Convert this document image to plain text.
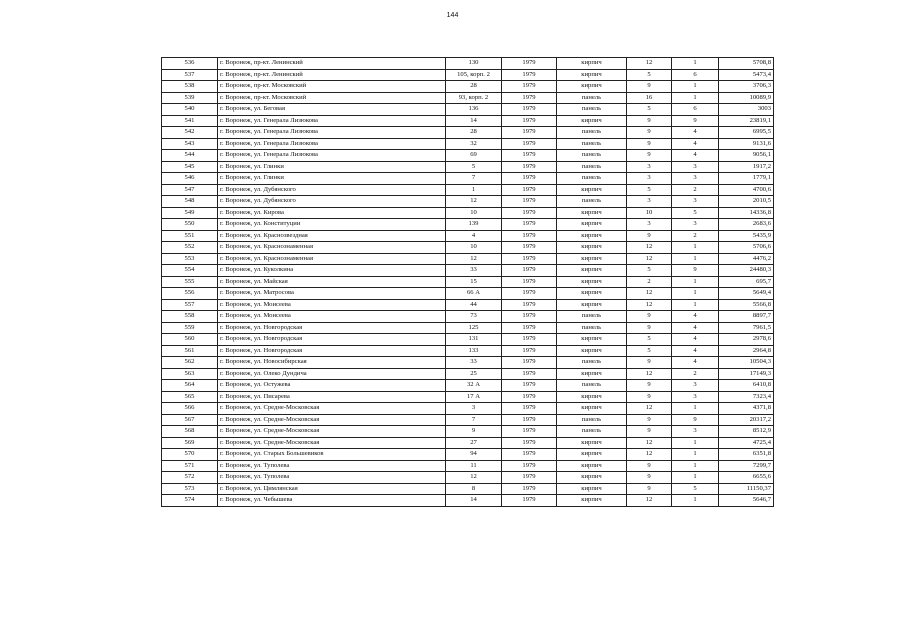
144
536	г. Воронеж, пр-кт. Ленинский	130	1979	кирпич	12	1	5708,8
537	г. Воронеж, пр-кт. Ленинский	105, корп. 2	1979	кирпич	5	6	5473,4
538	г. Воронеж, пр-кт. Московский	28	1979	кирпич	9	1	3706,3
539	г. Воронеж, пр-кт. Московский	93, корп. 2	1979	панель	16	1	10089,9
540	г. Воронеж, ул. Беговая	136	1979	панель	5	6	3003
541	г. Воронеж, ул. Генерала Лизюкова	14	1979	кирпич	9	9	23819,1
542	г. Воронеж, ул. Генерала Лизюкова	28	1979	панель	9	4	6995,5
543	г. Воронеж, ул. Генерала Лизюкова	32	1979	панель	9	4	9131,6
544	г. Воронеж, ул. Генерала Лизюкова	69	1979	панель	9	4	9056,1
545	г. Воронеж, ул. Глинки	5	1979	панель	3	3	1917,2
546	г. Воронеж, ул. Глинки	7	1979	панель	3	3	1779,1
547	г. Воронеж, ул. Дубянского	1	1979	кирпич	5	2	4700,6
548	г. Воронеж, ул. Дубянского	12	1979	панель	3	3	2010,5
549	г. Воронеж, ул. Кирова	10	1979	кирпич	10	5	14336,8
550	г. Воронеж, ул. Конституции	139	1979	кирпич	3	3	2683,6
551	г. Воронеж, ул. Краснозвездная	4	1979	кирпич	9	2	5435,9
552	г. Воронеж, ул. Краснознаменная	10	1979	кирпич	12	1	5706,6
553	г. Воронеж, ул. Краснознаменная	12	1979	кирпич	12	1	4476,2
554	г. Воронеж, ул. Куколкина	33	1979	кирпич	5	9	24480,3
555	г. Воронеж, ул. Майская	15	1979	кирпич	2	1	695,7
556	г. Воронеж, ул. Матросова	66 А	1979	кирпич	12	1	5649,4
557	г. Воронеж, ул. Моисеева	44	1979	кирпич	12	1	5566,8
558	г. Воронеж, ул. Моисеева	73	1979	панель	9	4	8897,7
559	г. Воронеж, ул. Новгородская	125	1979	панель	9	4	7961,5
560	г. Воронеж, ул. Новгородская	131	1979	кирпич	5	4	2978,6
561	г. Воронеж, ул. Новгородская	133	1979	кирпич	5	4	2964,8
562	г. Воронеж, ул. Новосибирская	33	1979	панель	9	4	10504,3
563	г. Воронеж, ул. Олеко Дундича	25	1979	кирпич	12	2	17149,3
564	г. Воронеж, ул. Остужева	32 А	1979	панель	9	3	6410,8
565	г. Воронеж, ул. Писарева	17 А	1979	кирпич	9	3	7323,4
566	г. Воронеж, ул. Средне-Московская	3	1979	кирпич	12	1	4371,8
567	г. Воронеж, ул. Средне-Московская	7	1979	панель	9	9	20317,2
568	г. Воронеж, ул. Средне-Московская	9	1979	панель	9	3	8512,9
569	г. Воронеж, ул. Средне-Московская	27	1979	кирпич	12	1	4725,4
570	г. Воронеж, ул. Старых Большевиков	94	1979	кирпич	12	1	6351,8
571	г. Воронеж, ул. Туполева	11	1979	кирпич	9	1	7299,7
572	г. Воронеж, ул. Туполева	12	1979	кирпич	9	1	6655,6
573	г. Воронеж, ул. Цимлянская	8	1979	кирпич	9	5	11150,37
574	г. Воронеж, ул. Чебышева	14	1979	кирпич	12	1	5646,7
